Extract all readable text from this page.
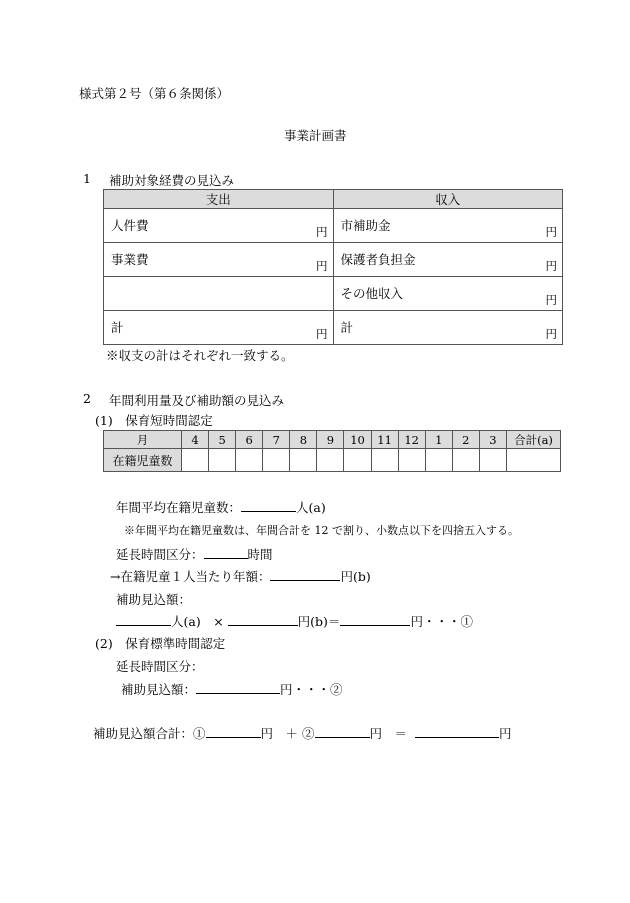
様式第２号（第６条関係）
事業計画書
1 補助対象経費の見込み
支出	収入

人件費 円	市補助金 円

事業費 円	保護者負担金 円

	その他収入 円

計 円	計 円
※収支の計はそれぞれ一致する。
2 年間利用量及び補助額の見込み
(1)　保育短時間認定
月	4	5	6	7	8	9	10	11	12	1	2	3	合計(a)
在籍児童数													
年間平均在籍児童数：	人(a)
※年間平均在籍児童数は、年間合計を 12 で割り、小数点以下を四捨五入する。
延長時間区分：	時間
→在籍児童１人当たり年額：	円(b)
補助見込額：
人(a)　×	円(b)＝	円・・・①
(2)　保育標準時間認定
延長時間区分：
補助見込額：	円・・・②
補助見込額合計：①	円　＋ ②	円　＝	円
